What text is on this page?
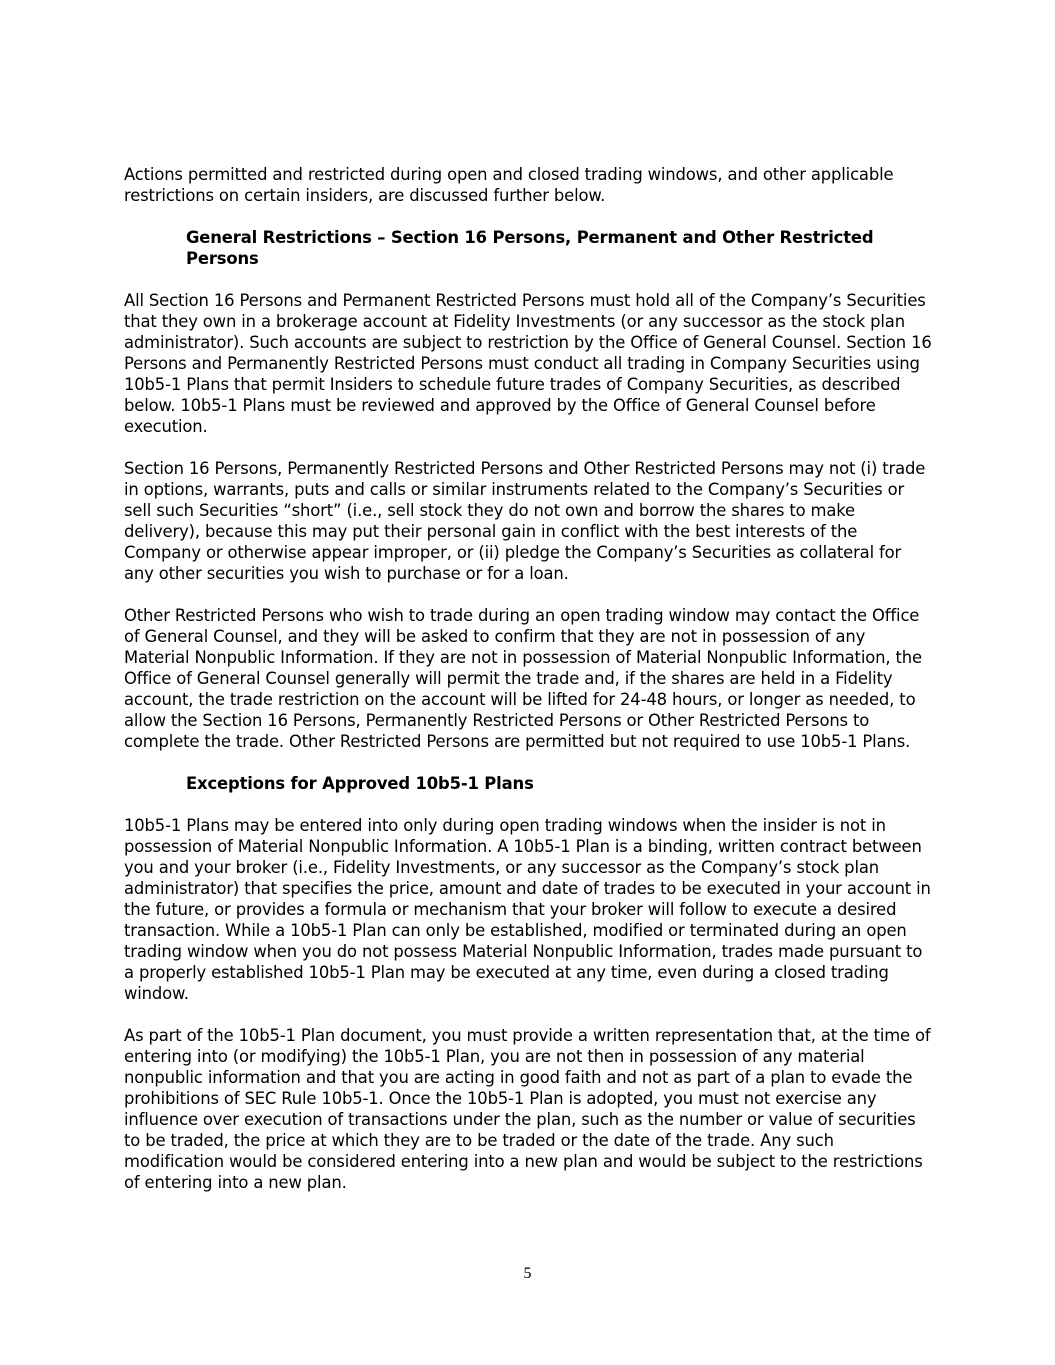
Actions permitted and restricted during open and closed trading windows, and other applicable restrictions on certain insiders, are discussed further below.

General Restrictions – Section 16 Persons, Permanent and Other Restricted Persons

All Section 16 Persons and Permanent Restricted Persons must hold all of the Company’s Securities that they own in a brokerage account at Fidelity Investments (or any successor as the stock plan administrator). Such accounts are subject to restriction by the Office of General Counsel. Section 16 Persons and Permanently Restricted Persons must conduct all trading in Company Securities using 10b5-1 Plans that permit Insiders to schedule future trades of Company Securities, as described below. 10b5-1 Plans must be reviewed and approved by the Office of General Counsel before execution.

Section 16 Persons, Permanently Restricted Persons and Other Restricted Persons may not (i) trade in options, warrants, puts and calls or similar instruments related to the Company’s Securities or sell such Securities “short” (i.e., sell stock they do not own and borrow the shares to make delivery), because this may put their personal gain in conflict with the best interests of the Company or otherwise appear improper, or (ii) pledge the Company’s Securities as collateral for any other securities you wish to purchase or for a loan.

Other Restricted Persons who wish to trade during an open trading window may contact the Office of General Counsel, and they will be asked to confirm that they are not in possession of any Material Nonpublic Information. If they are not in possession of Material Nonpublic Information, the Office of General Counsel generally will permit the trade and, if the shares are held in a Fidelity account, the trade restriction on the account will be lifted for 24-48 hours, or longer as needed, to allow the Section 16 Persons, Permanently Restricted Persons or Other Restricted Persons to complete the trade. Other Restricted Persons are permitted but not required to use 10b5-1 Plans.

Exceptions for Approved 10b5-1 Plans

10b5-1 Plans may be entered into only during open trading windows when the insider is not in possession of Material Nonpublic Information. A 10b5-1 Plan is a binding, written contract between you and your broker (i.e., Fidelity Investments, or any successor as the Company’s stock plan administrator) that specifies the price, amount and date of trades to be executed in your account in the future, or provides a formula or mechanism that your broker will follow to execute a desired transaction. While a 10b5-1 Plan can only be established, modified or terminated during an open trading window when you do not possess Material Nonpublic Information, trades made pursuant to a properly established 10b5-1 Plan may be executed at any time, even during a closed trading window.

As part of the 10b5-1 Plan document, you must provide a written representation that, at the time of entering into (or modifying) the 10b5-1 Plan, you are not then in possession of any material nonpublic information and that you are acting in good faith and not as part of a plan to evade the prohibitions of SEC Rule 10b5-1. Once the 10b5-1 Plan is adopted, you must not exercise any influence over execution of transactions under the plan, such as the number or value of securities to be traded, the price at which they are to be traded or the date of the trade. Any such modification would be considered entering into a new plan and would be subject to the restrictions of entering into a new plan.

5
